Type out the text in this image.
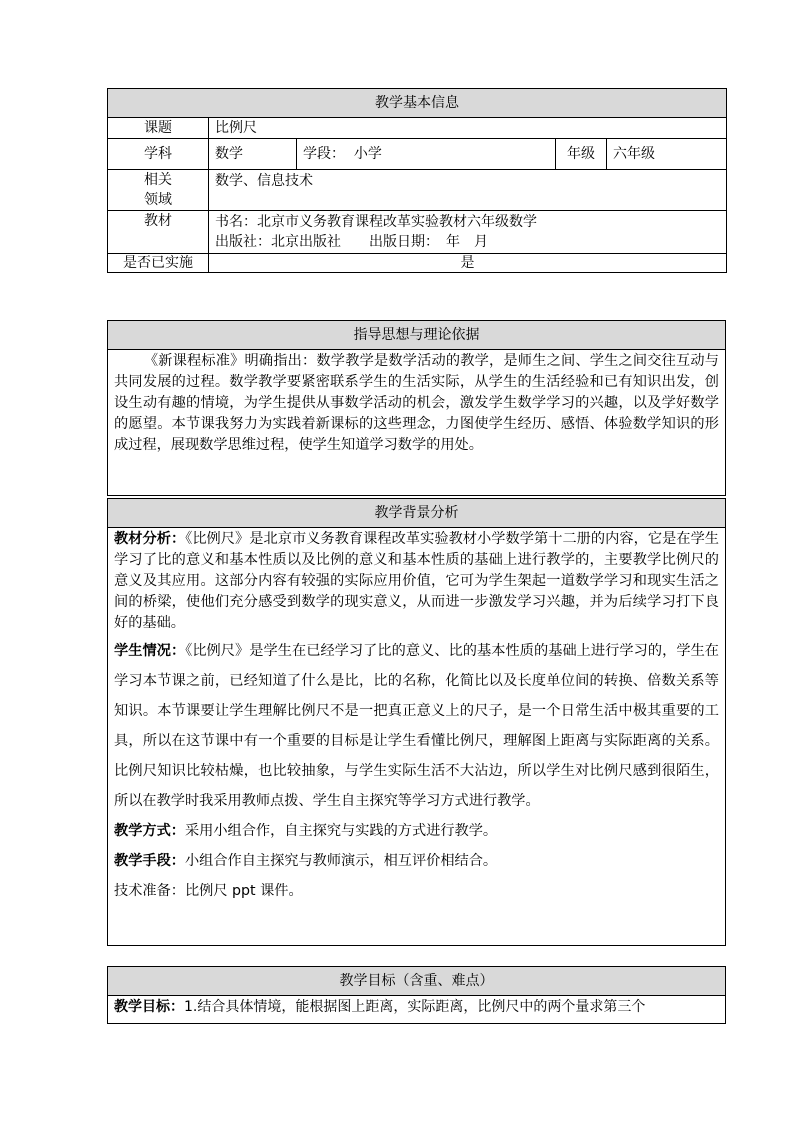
教学基本信息				
课题	比例尺			
学科	数学	学段： 小学	年级	六年级

相关
领域	数学、信息技术			
教材	书名：北京市义务教育课程改革实验教材六年级数学
出版社：北京出版社　　出版日期：　年　月			

是否已实施	是			
指导思想与理论依据

《新课程标准》明确指出：数学教学是数学活动的教学，是师生之间、学生之间交往互动与共同发展的过程。数学教学要紧密联系学生的生活实际，从学生的生活经验和已有知识出发，创设生动有趣的情境，为学生提供从事数学活动的机会，激发学生数学学习的兴趣，以及学好数学的愿望。本节课我努力为实践着新课标的这些理念，力图使学生经历、感悟、体验数学知识的形成过程，展现数学思维过程，使学生知道学习数学的用处。

教学背景分析

教材分析：《比例尺》是北京市义务教育课程改革实验教材小学数学第十二册的内容，它是在学生学习了比的意义和基本性质以及比例的意义和基本性质的基础上进行教学的，主要教学比例尺的意义及其应用。这部分内容有较强的实际应用价值，它可为学生架起一道数学学习和现实生活之间的桥梁，使他们充分感受到数学的现实意义，从而进一步激发学习兴趣，并为后续学习打下良好的基础。

学生情况：《比例尺》是学生在已经学习了比的意义、比的基本性质的基础上进行学习的，学生在学习本节课之前，已经知道了什么是比，比的名称，化简比以及长度单位间的转换、倍数关系等知识。本节课要让学生理解比例尺不是一把真正意义上的尺子，是一个日常生活中极其重要的工具，所以在这节课中有一个重要的目标是让学生看懂比例尺，理解图上距离与实际距离的关系。比例尺知识比较枯燥，也比较抽象，与学生实际生活不大沾边，所以学生对比例尺感到很陌生，所以在教学时我采用教师点拨、学生自主探究等学习方式进行教学。

教学方式：采用小组合作，自主探究与实践的方式进行教学。

教学手段：小组合作自主探究与教师演示，相互评价相结合。

技术准备：比例尺 ppt 课件。

教学目标（含重、难点）
教学目标：1.结合具体情境，能根据图上距离，实际距离，比例尺中的两个量求第三个
